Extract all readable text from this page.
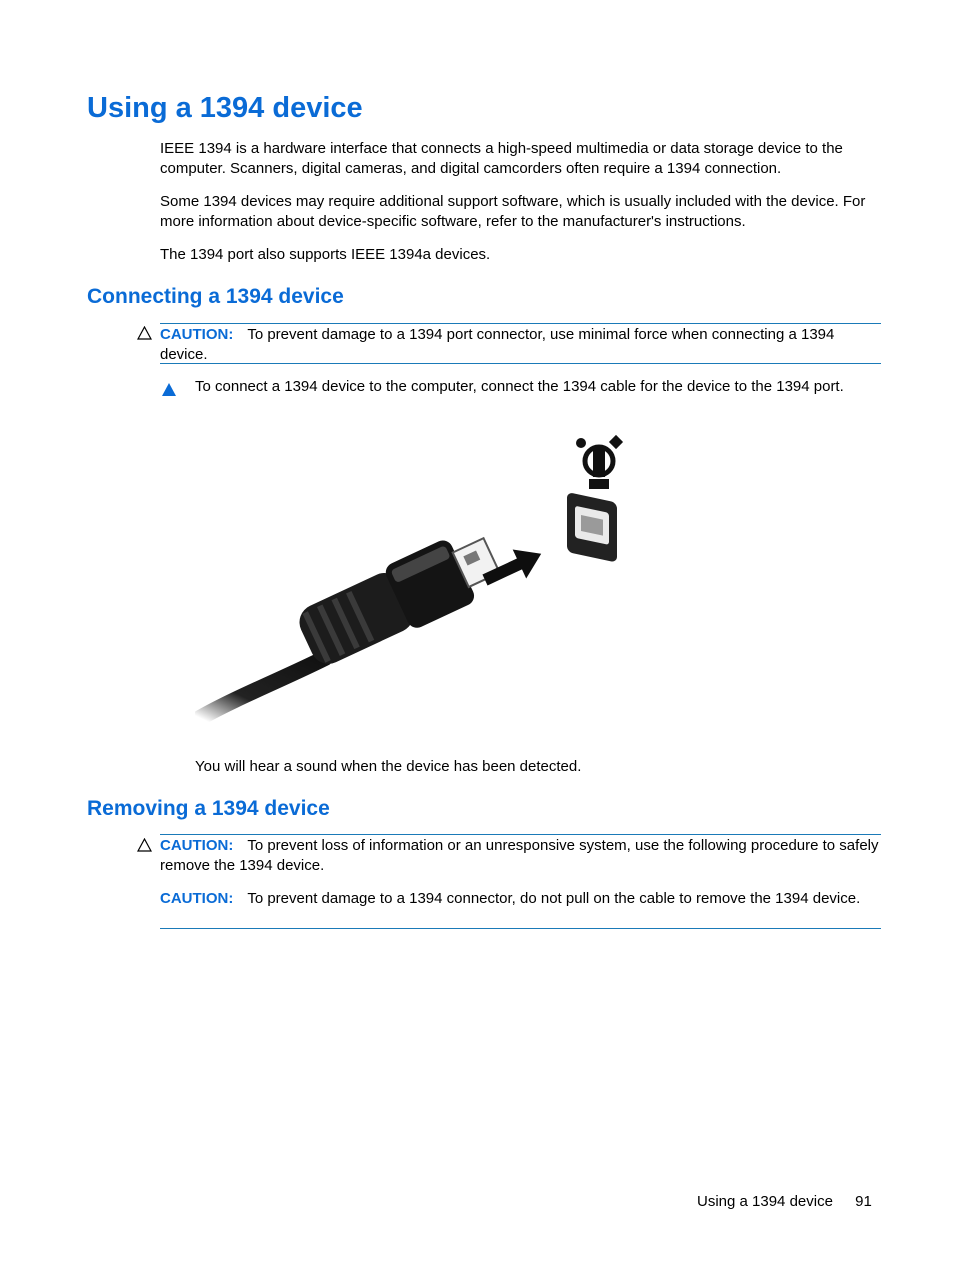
Using a 1394 device

IEEE 1394 is a hardware interface that connects a high-speed multimedia or data storage device to the computer. Scanners, digital cameras, and digital camcorders often require a 1394 connection.

Some 1394 devices may require additional support software, which is usually included with the device. For more information about device-specific software, refer to the manufacturer's instructions.

The 1394 port also supports IEEE 1394a devices.

Connecting a 1394 device
CAUTION: To prevent damage to a 1394 port connector, use minimal force when connecting a 1394 device.

To connect a 1394 device to the computer, connect the 1394 cable for the device to the 1394 port.

You will hear a sound when the device has been detected.

Removing a 1394 device
CAUTION: To prevent loss of information or an unresponsive system, use the following procedure to safely remove the 1394 device.
CAUTION: To prevent damage to a 1394 connector, do not pull on the cable to remove the 1394 device.
Using a 1394 device 91
